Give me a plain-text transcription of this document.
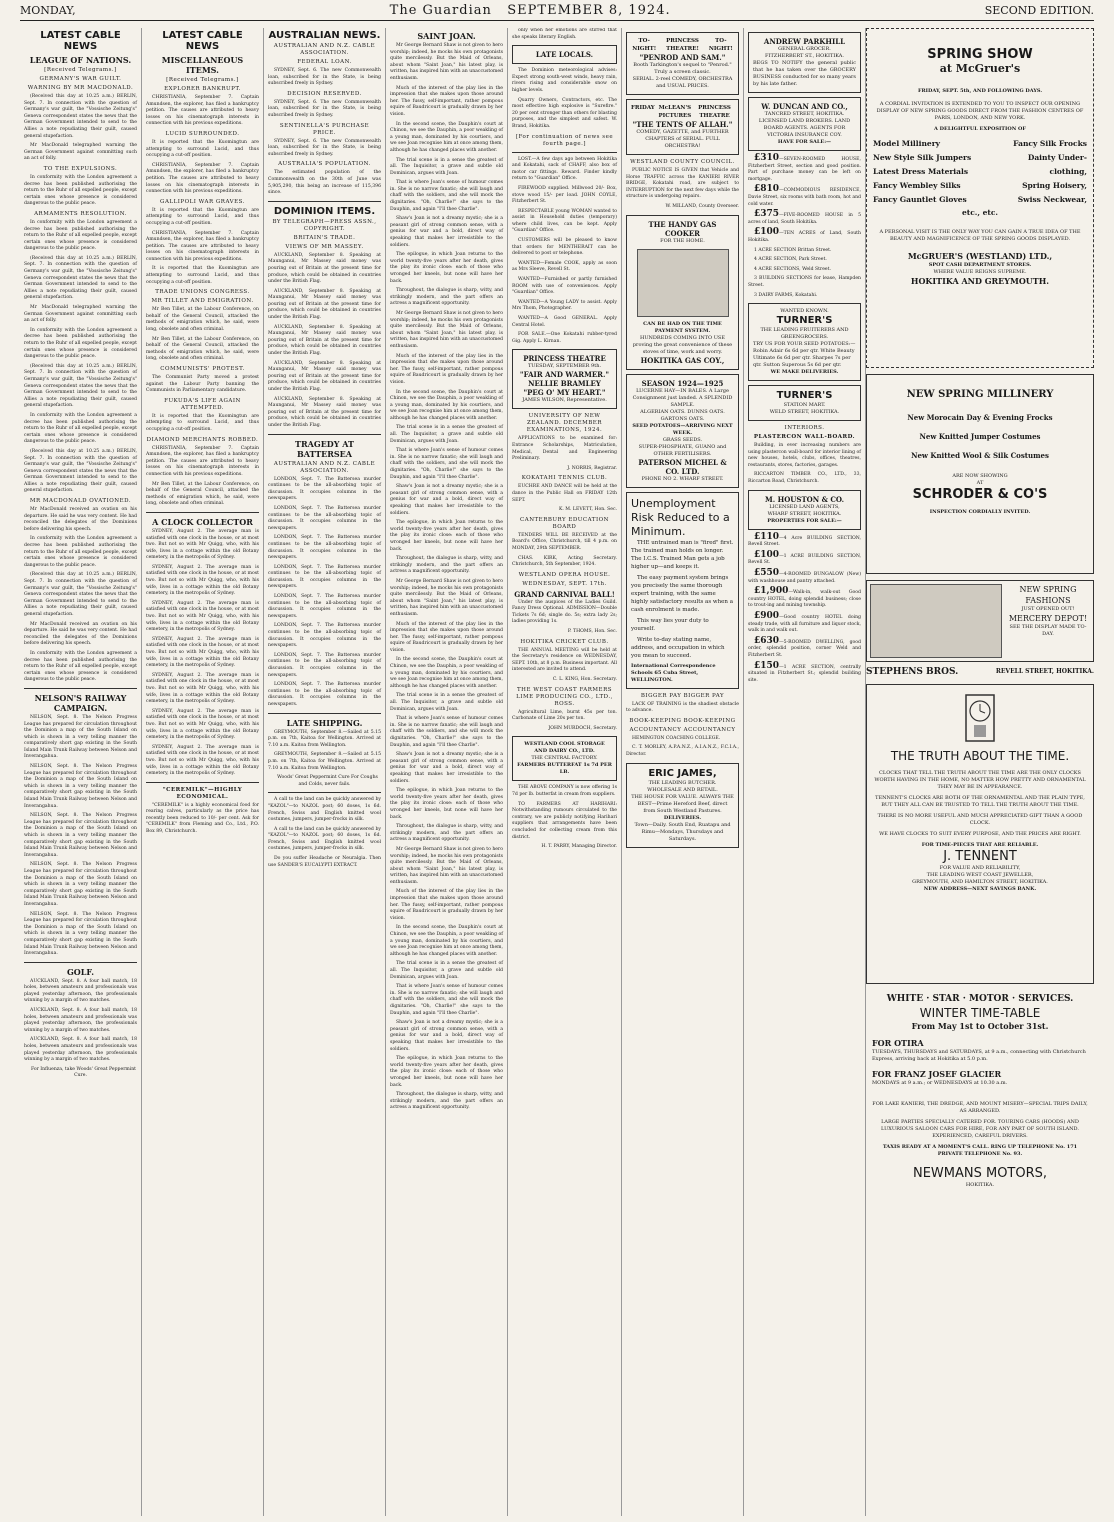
MONDAY,	The Guardian SEPTEMBER 8, 1924.	SECOND EDITION.
LATEST CABLE NEWS
LEAGUE OF NATIONS.
[Received Telegrams.]
GERMANY'S WAR GUILT.
WARNING BY MR MACDONALD.

(Received this day at 10.25 a.m.) BERLIN, Sept. 7. In connection with the question of Germany's war guilt, the "Vossische Zeitung's" Geneva correspondent states the news that the German Government intended to send to the Allies a note repudiating their guilt, caused general stupefaction.

Mr MacDonald telegraphed warning the German Government against committing such an act of folly.

TO THE EXPULSIONS.

In conformity with the London agreement a decree has been published authorising the return to the Ruhr of all expelled people, except certain ones whose presence is considered dangerous to the public peace.

ARMAMENTS RESOLUTION.

In conformity with the London agreement a decree has been published authorising the return to the Ruhr of all expelled people, except certain ones whose presence is considered dangerous to the public peace.

(Received this day at 10.25 a.m.) BERLIN, Sept. 7. In connection with the question of Germany's war guilt, the "Vossische Zeitung's" Geneva correspondent states the news that the German Government intended to send to the Allies a note repudiating their guilt, caused general stupefaction.

Mr MacDonald telegraphed warning the German Government against committing such an act of folly.

In conformity with the London agreement a decree has been published authorising the return to the Ruhr of all expelled people, except certain ones whose presence is considered dangerous to the public peace.

(Received this day at 10.25 a.m.) BERLIN, Sept. 7. In connection with the question of Germany's war guilt, the "Vossische Zeitung's" Geneva correspondent states the news that the German Government intended to send to the Allies a note repudiating their guilt, caused general stupefaction.

In conformity with the London agreement a decree has been published authorising the return to the Ruhr of all expelled people, except certain ones whose presence is considered dangerous to the public peace.

(Received this day at 10.25 a.m.) BERLIN, Sept. 7. In connection with the question of Germany's war guilt, the "Vossische Zeitung's" Geneva correspondent states the news that the German Government intended to send to the Allies a note repudiating their guilt, caused general stupefaction.

MR MACDONALD OVATIONED.

Mr MacDonald received an ovation on his departure. He said he was very content. He had reconciled the delegates of the Dominions before delivering his speech.

In conformity with the London agreement a decree has been published authorising the return to the Ruhr of all expelled people, except certain ones whose presence is considered dangerous to the public peace.

(Received this day at 10.25 a.m.) BERLIN, Sept. 7. In connection with the question of Germany's war guilt, the "Vossische Zeitung's" Geneva correspondent states the news that the German Government intended to send to the Allies a note repudiating their guilt, caused general stupefaction.

Mr MacDonald received an ovation on his departure. He said he was very content. He had reconciled the delegates of the Dominions before delivering his speech.

In conformity with the London agreement a decree has been published authorising the return to the Ruhr of all expelled people, except certain ones whose presence is considered dangerous to the public peace.

NELSON'S RAILWAY CAMPAIGN.

NELSON, Sept. 8. The Nelson Progress League has prepared for circulation throughout the Dominion a map of the South Island on which is shown in a very telling manner the comparatively short gap existing in the South Island Main Trunk Railway between Nelson and Inverangahua.

NELSON, Sept. 8. The Nelson Progress League has prepared for circulation throughout the Dominion a map of the South Island on which is shown in a very telling manner the comparatively short gap existing in the South Island Main Trunk Railway between Nelson and Inverangahua.

NELSON, Sept. 8. The Nelson Progress League has prepared for circulation throughout the Dominion a map of the South Island on which is shown in a very telling manner the comparatively short gap existing in the South Island Main Trunk Railway between Nelson and Inverangahua.

NELSON, Sept. 8. The Nelson Progress League has prepared for circulation throughout the Dominion a map of the South Island on which is shown in a very telling manner the comparatively short gap existing in the South Island Main Trunk Railway between Nelson and Inverangahua.

NELSON, Sept. 8. The Nelson Progress League has prepared for circulation throughout the Dominion a map of the South Island on which is shown in a very telling manner the comparatively short gap existing in the South Island Main Trunk Railway between Nelson and Inverangahua.

GOLF.

AUCKLAND, Sept. 8. A four ball match, 18 holes, between amateurs and professionals was played yesterday afternoon, the professionals winning by a margin of two matches.

AUCKLAND, Sept. 8. A four ball match, 18 holes, between amateurs and professionals was played yesterday afternoon, the professionals winning by a margin of two matches.

AUCKLAND, Sept. 8. A four ball match, 18 holes, between amateurs and professionals was played yesterday afternoon, the professionals winning by a margin of two matches.

For Influenza, take Woods' Great Peppermint Cure.

LATEST CABLE NEWS
MISCELLANEOUS ITEMS.
[Received Telegrams.]
EXPLORER BANKRUPT.

CHRISTIANIA, September 7. Captain Amundsen, the explorer, has filed a bankruptcy petition. The causes are attributed to heavy losses on his cinematograph interests in connection with his previous expeditions.

LUCID SURROUNDED.

It is reported that the Kuomingtun are attempting to surround Lucid, and thus occupying a cut-off position.

CHRISTIANIA, September 7. Captain Amundsen, the explorer, has filed a bankruptcy petition. The causes are attributed to heavy losses on his cinematograph interests in connection with his previous expeditions.

GALLIPOLI WAR GRAVES.

It is reported that the Kuomingtun are attempting to surround Lucid, and thus occupying a cut-off position.

CHRISTIANIA, September 7. Captain Amundsen, the explorer, has filed a bankruptcy petition. The causes are attributed to heavy losses on his cinematograph interests in connection with his previous expeditions.

It is reported that the Kuomingtun are attempting to surround Lucid, and thus occupying a cut-off position.

TRADE UNIONS CONGRESS.
MR TILLET AND EMIGRATION.

Mr Ben Tillet, at the Labour Conference, on behalf of the General Council, attacked the methods of emigration which, he said, were long, obsolete and often criminal.

Mr Ben Tillet, at the Labour Conference, on behalf of the General Council, attacked the methods of emigration which, he said, were long, obsolete and often criminal.

COMMUNISTS' PROTEST.

The Communist Party moved a protest against the Labour Party banning the Communists in Parliamentary candidature.

FUKUDA'S LIFE AGAIN ATTEMPTED.

It is reported that the Kuomingtun are attempting to surround Lucid, and thus occupying a cut-off position.

DIAMOND MERCHANTS ROBBED.

CHRISTIANIA, September 7. Captain Amundsen, the explorer, has filed a bankruptcy petition. The causes are attributed to heavy losses on his cinematograph interests in connection with his previous expeditions.

Mr Ben Tillet, at the Labour Conference, on behalf of the General Council, attacked the methods of emigration which, he said, were long, obsolete and often criminal.

A CLOCK COLLECTOR

SYDNEY, August 2. The average man is satisfied with one clock in the house, or at most two. But not so with Mr Quigg, who, with his wife, lives in a cottage within the old Botany cemetery, in the metropolis of Sydney.

SYDNEY, August 2. The average man is satisfied with one clock in the house, or at most two. But not so with Mr Quigg, who, with his wife, lives in a cottage within the old Botany cemetery, in the metropolis of Sydney.

SYDNEY, August 2. The average man is satisfied with one clock in the house, or at most two. But not so with Mr Quigg, who, with his wife, lives in a cottage within the old Botany cemetery, in the metropolis of Sydney.

SYDNEY, August 2. The average man is satisfied with one clock in the house, or at most two. But not so with Mr Quigg, who, with his wife, lives in a cottage within the old Botany cemetery, in the metropolis of Sydney.

SYDNEY, August 2. The average man is satisfied with one clock in the house, or at most two. But not so with Mr Quigg, who, with his wife, lives in a cottage within the old Botany cemetery, in the metropolis of Sydney.

SYDNEY, August 2. The average man is satisfied with one clock in the house, or at most two. But not so with Mr Quigg, who, with his wife, lives in a cottage within the old Botany cemetery, in the metropolis of Sydney.

SYDNEY, August 2. The average man is satisfied with one clock in the house, or at most two. But not so with Mr Quigg, who, with his wife, lives in a cottage within the old Botany cemetery, in the metropolis of Sydney.

"CEREMILK"—HIGHLY ECONOMICAL.

"CEREMILK" is a highly economical food for rearing calves, particularly as the price has recently been reduced to 10/- per cent. Ask for "CEREMILK" from Fleming and Co., Ltd., P.O. Box 89, Christchurch.

AUSTRALIAN NEWS.
AUSTRALIAN AND N.Z. CABLE ASSOCIATION.
FEDERAL LOAN.

SYDNEY, Sept. 6. The new Commonwealth loan, subscribed for in the State, is being subscribed freely in Sydney.

DECISION RESERVED.

SYDNEY, Sept. 6. The new Commonwealth loan, subscribed for in the State, is being subscribed freely in Sydney.

SENTINELLA'S PURCHASE PRICE.

SYDNEY, Sept. 6. The new Commonwealth loan, subscribed for in the State, is being subscribed freely in Sydney.

AUSTRALIA'S POPULATION.

The estimated population of the Commonwealth on the 30th of June was 5,905,290, this being an increase of 115,396 since.

DOMINION ITEMS.
BY TELEGRAPH—PRESS ASSN., COPYRIGHT.
BRITAIN'S TRADE.
VIEWS OF MR MASSEY.

AUCKLAND, September 8. Speaking at Maunganui, Mr Massey said money was pouring out of Britain at the present time for produce, which could be obtained in countries under the British Flag.

AUCKLAND, September 8. Speaking at Maunganui, Mr Massey said money was pouring out of Britain at the present time for produce, which could be obtained in countries under the British Flag.

AUCKLAND, September 8. Speaking at Maunganui, Mr Massey said money was pouring out of Britain at the present time for produce, which could be obtained in countries under the British Flag.

AUCKLAND, September 8. Speaking at Maunganui, Mr Massey said money was pouring out of Britain at the present time for produce, which could be obtained in countries under the British Flag.

AUCKLAND, September 8. Speaking at Maunganui, Mr Massey said money was pouring out of Britain at the present time for produce, which could be obtained in countries under the British Flag.

TRAGEDY AT BATTERSEA
AUSTRALIAN AND N.Z. CABLE ASSOCIATION.

LONDON, Sept. 7. The Battersea murder continues to be the all-absorbing topic of discussion. It occupies columns in the newspapers.

LONDON, Sept. 7. The Battersea murder continues to be the all-absorbing topic of discussion. It occupies columns in the newspapers.

LONDON, Sept. 7. The Battersea murder continues to be the all-absorbing topic of discussion. It occupies columns in the newspapers.

LONDON, Sept. 7. The Battersea murder continues to be the all-absorbing topic of discussion. It occupies columns in the newspapers.

LONDON, Sept. 7. The Battersea murder continues to be the all-absorbing topic of discussion. It occupies columns in the newspapers.

LONDON, Sept. 7. The Battersea murder continues to be the all-absorbing topic of discussion. It occupies columns in the newspapers.

LONDON, Sept. 7. The Battersea murder continues to be the all-absorbing topic of discussion. It occupies columns in the newspapers.

LONDON, Sept. 7. The Battersea murder continues to be the all-absorbing topic of discussion. It occupies columns in the newspapers.

LATE SHIPPING.

GREYMOUTH, September 8.—Sailed at 5.15 p.m. on 7th, Kaitoa for Wellington. Arrived at 7.10 a.m. Kaitoa from Wellington.

GREYMOUTH, September 8.—Sailed at 5.15 p.m. on 7th, Kaitoa for Wellington. Arrived at 7.10 a.m. Kaitoa from Wellington.

Woods' Great Peppermint Cure For Coughs and Colds, never fails.

A call to the land can be quickly answered by "KAZOL"—to NAZOL post; 60 doses, 1s 6d. French, Swiss and English knitted wool costumes, jumpers, jumper-frocks in silk.

A call to the land can be quickly answered by "KAZOL"—to NAZOL post; 60 doses, 1s 6d. French, Swiss and English knitted wool costumes, jumpers, jumper-frocks in silk.

Do you suffer Headache or Neuralgia. Then use SANDER'S EUCALYPTI EXTRACT.

SAINT JOAN.

Mr George Bernard Shaw is not given to hero worship; indeed, he mocks his own protagonists quite mercilessly. But the Maid of Orleans, about whom "Saint Joan," his latest play, is written, has inspired him with an unaccustomed enthusiasm.

Much of the interest of the play lies in the impression that she makes upon those around her. The fussy, self-important, rather pompous squire of Baudricourt is gradually drawn by her vision.

In the second scene, the Dauphin's court at Chinon, we see the Dauphin, a poor weakling of a young man, dominated by his courtiers, and we see Joan recognise him at once among them, although he has changed places with another.

The trial scene is in a sense the greatest of all. The Inquisitor, a grave and subtle old Dominican, argues with Joan.

That is where Joan's sense of humour comes in. She is no narrow fanatic; she will laugh and chaff with the soldiers, and she will mock the dignitaries. "Oh, Charlie!" she says to the Dauphin, and again "I'll thee Charlie".

Shaw's Joan is not a dreamy mystic; she is a peasant girl of strong common sense, with a genius for war and a bold, direct way of speaking that makes her irresistible to the soldiers.

The epilogue, in which Joan returns to the world twenty-five years after her death, gives the play its ironic close: each of those who wronged her kneels, but none will have her back.

Throughout, the dialogue is sharp, witty, and strikingly modern, and the part offers an actress a magnificent opportunity.

Mr George Bernard Shaw is not given to hero worship; indeed, he mocks his own protagonists quite mercilessly. But the Maid of Orleans, about whom "Saint Joan," his latest play, is written, has inspired him with an unaccustomed enthusiasm.

Much of the interest of the play lies in the impression that she makes upon those around her. The fussy, self-important, rather pompous squire of Baudricourt is gradually drawn by her vision.

In the second scene, the Dauphin's court at Chinon, we see the Dauphin, a poor weakling of a young man, dominated by his courtiers, and we see Joan recognise him at once among them, although he has changed places with another.

The trial scene is in a sense the greatest of all. The Inquisitor, a grave and subtle old Dominican, argues with Joan.

That is where Joan's sense of humour comes in. She is no narrow fanatic; she will laugh and chaff with the soldiers, and she will mock the dignitaries. "Oh, Charlie!" she says to the Dauphin, and again "I'll thee Charlie".

Shaw's Joan is not a dreamy mystic; she is a peasant girl of strong common sense, with a genius for war and a bold, direct way of speaking that makes her irresistible to the soldiers.

The epilogue, in which Joan returns to the world twenty-five years after her death, gives the play its ironic close: each of those who wronged her kneels, but none will have her back.

Throughout, the dialogue is sharp, witty, and strikingly modern, and the part offers an actress a magnificent opportunity.

Mr George Bernard Shaw is not given to hero worship; indeed, he mocks his own protagonists quite mercilessly. But the Maid of Orleans, about whom "Saint Joan," his latest play, is written, has inspired him with an unaccustomed enthusiasm.

Much of the interest of the play lies in the impression that she makes upon those around her. The fussy, self-important, rather pompous squire of Baudricourt is gradually drawn by her vision.

In the second scene, the Dauphin's court at Chinon, we see the Dauphin, a poor weakling of a young man, dominated by his courtiers, and we see Joan recognise him at once among them, although he has changed places with another.

The trial scene is in a sense the greatest of all. The Inquisitor, a grave and subtle old Dominican, argues with Joan.

That is where Joan's sense of humour comes in. She is no narrow fanatic; she will laugh and chaff with the soldiers, and she will mock the dignitaries. "Oh, Charlie!" she says to the Dauphin, and again "I'll thee Charlie".

Shaw's Joan is not a dreamy mystic; she is a peasant girl of strong common sense, with a genius for war and a bold, direct way of speaking that makes her irresistible to the soldiers.

The epilogue, in which Joan returns to the world twenty-five years after her death, gives the play its ironic close: each of those who wronged her kneels, but none will have her back.

Throughout, the dialogue is sharp, witty, and strikingly modern, and the part offers an actress a magnificent opportunity.

Mr George Bernard Shaw is not given to hero worship; indeed, he mocks his own protagonists quite mercilessly. But the Maid of Orleans, about whom "Saint Joan," his latest play, is written, has inspired him with an unaccustomed enthusiasm.

Much of the interest of the play lies in the impression that she makes upon those around her. The fussy, self-important, rather pompous squire of Baudricourt is gradually drawn by her vision.

In the second scene, the Dauphin's court at Chinon, we see the Dauphin, a poor weakling of a young man, dominated by his courtiers, and we see Joan recognise him at once among them, although he has changed places with another.

The trial scene is in a sense the greatest of all. The Inquisitor, a grave and subtle old Dominican, argues with Joan.

That is where Joan's sense of humour comes in. She is no narrow fanatic; she will laugh and chaff with the soldiers, and she will mock the dignitaries. "Oh, Charlie!" she says to the Dauphin, and again "I'll thee Charlie".

Shaw's Joan is not a dreamy mystic; she is a peasant girl of strong common sense, with a genius for war and a bold, direct way of speaking that makes her irresistible to the soldiers.

The epilogue, in which Joan returns to the world twenty-five years after her death, gives the play its ironic close: each of those who wronged her kneels, but none will have her back.

Throughout, the dialogue is sharp, witty, and strikingly modern, and the part offers an actress a magnificent opportunity.

only when her emotions are stirred that she speaks literary English.

LATE LOCALS.

The Dominion meteorological advises: Expect strong south-west winds, heavy rain, rivers rising and considerable snow on higher levels.

Quarry Owners, Contractors, etc. The most effective high explosive is "Surefire." 20 per cent stronger than others for blasting purposes, and the simplest and safest. W. Brand, Hokitika.

[For continuation of news see fourth page.]

LOST.—A few days ago between Hokitika and Kokatahi, sack of CHAFF, also box of motor car fittings. Reward. Finder kindly return to "Guardian" Office.

FIREWOOD supplied. Millwood 20/- Box, stove wood 15/- per load. JOHN COYLE, Fitzherbert St.

RESPECTABLE young WOMAN wanted to assist in Household duties (temporary) where child lives, can be kept. Apply "Guardian" Office.

CUSTOMERS will be pleased to know that orders for MENTHERAIT can be delivered to post or telephone.

WANTED—Female COOK, apply as soon as Mrs Sleeve, Revell St.

WANTED—Furnished or partly furnished ROOM with use of conveniences. Apply "Guardian" Office.

WANTED—A Young LADY to assist. Apply Mrs Thom, Photographer.

WANTED—A Good GENERAL. Apply Central Hotel.

FOR SALE.—One Kokatahi rubber-tyred Gig. Apply L. Kirnan.

PRINCESS THEATRE
TUESDAY, SEPTEMBER 9th.
"FAIR AND WARMER."
NELLIE BRAMLEY
"PEG O' MY HEART."
JAMES WILSON, Representative.
UNIVERSITY OF NEW ZEALAND. DECEMBER EXAMINATIONS, 1924.

APPLICATIONS to be examined for: Entrance Scholarships, Matriculation, Medical, Dental and Engineering Preliminary.

J. NORRIS, Registrar.

KOKATAHI TENNIS CLUB.

EUCHRE AND DANCE will be held at the dance in the Public Hall on FRIDAY 12th SEPT.

K. M. LEVETT, Hon. Sec.

CANTERBURY EDUCATION BOARD

TENDERS WILL BE RECEIVED at the Board's Office, Christchurch, till 4 p.m. on MONDAY, 29th SEPTEMBER.

CHAS. KIRK, Acting Secretary. Christchurch, 5th September, 1924.

WESTLAND OPERA HOUSE.
WEDNESDAY, SEPT. 17th.
GRAND CARNIVAL BALL!

Under the auspices of the Ladies Guild. Fancy Dress Optional. ADMISSION—Double Tickets 7s 6d; single do. 5s; extra lady 2s; ladies providing 1s.

P. THOMS, Hon. Sec.

HOKITIKA CRICKET CLUB.

THE ANNUAL MEETING will be held at the Secretary's residence on WEDNESDAY, SEPT. 10th, at 8 p.m. Business important. All interested are invited to attend.

C. L. KING, Hon. Secretary.

THE WEST COAST FARMERS LIME PRODUCING CO., LTD., ROSS.

Agricultural Lime, burnt 45s per ton. Carbonate of Lime 20s per ton.

JOHN MURDOCH, Secretary.

WESTLAND COOL STORAGE AND DAIRY CO., LTD.
THE CENTRAL FACTORY.
FARMERS BUTTERFAT 1s 7d PER LB.

THE ABOVE COMPANY is now offering 1s 7d per lb. butterfat in cream from suppliers.

TO FARMERS AT HARIHARI: Notwithstanding rumours circulated to the contrary, we are publicly notifying Harihari suppliers that arrangements have been concluded for collecting cream from this district.

H. T. PARRY, Managing Director.

TO-NIGHT!
PRINCESS THEATRE!
TO-NIGHT!
"PENROD AND SAM."
Booth Tarkington's sequel to "Penrod." Truly a screen classic.
SERIAL. 2-reel COMEDY, ORCHESTRA and USUAL PRICES.
FRIDAY McLEAN'S PICTURES
PRINCESS THEATRE
"THE TENTS OF ALLAH."
COMEDY, GAZETTE, and FURTHER CHAPTERS of SERIAL. FULL ORCHESTRA!
WESTLAND COUNTY COUNCIL.

PUBLIC NOTICE IS GIVEN that Vehicle and Horse TRAFFIC across the KANIERI RIVER BRIDGE, Kokatahi road, are subject to INTERRUPTION for the next few days while the structure is undergoing repairs.

W. MILLAND, County Overseer.

THE HANDY GAS COOKER
FOR THE HOME.
CAN BE HAD ON THE TIME PAYMENT SYSTEM.
HUNDREDS COMING INTO USE proving the great convenience of these stoves of time, work and worry.
HOKITIKA GAS COY.,
SEASON 1924—1925
LUCERNE HAY—IN BALES. A Large Consignment just landed. A SPLENDID SAMPLE.
ALGERIAN OATS. DUNNS OATS. GARTONS OATS.
SEED POTATOES—ARRIVING NEXT WEEK.
GRASS SEEDS.
SUPER-PHOSPHATE, GUANO and OTHER FERTILISERS.
PATERSON MICHEL & CO. LTD.
PHONE NO 2. WHARF STREET.
Unemployment Risk Reduced to a Minimum.

THE untrained man is "fired" first. The trained man holds on longer. The I.C.S. Trained Man gets a job higher up—and keeps it.

The easy payment system brings you precisely the same thorough expert training, with the same highly satisfactory results as when a cash enrolment is made.

This way lies your duty to yourself.

Write to-day stating name, address, and occupation in which you mean to succeed.

International Correspondence Schools 65 Cuba Street, WELLINGTON.
BIGGER PAY BIGGER PAY

LACK OF TRAINING is the shadiest obstacle to advance.

BOOK-KEEPING BOOK-KEEPING
ACCOUNTANCY ACCOUNTANCY

HEMINGTON COACHING COLLEGE.

C. T. MORLEY, A.P.A.N.Z., A.I.A.N.Z., F.C.I.A., Director.

ERIC JAMES,
THE LEADING BUTCHER.
WHOLESALE AND RETAIL.
THE HOUSE FOR VALUE. ALWAYS THE BEST—Prime Hereford Beef, direct from South Westland Pastures.
DELIVERIES.
Town—Daily. South End, Ruatapu and Rimu—Mondays, Thursdays and Saturdays.
ANDREW PARKHILL
GENERAL GROCER.
FITZHERBERT ST., HOKITIKA.
BEGS TO NOTIFY the general public that he has taken over the GROCERY BUSINESS conducted for so many years by his late father.
W. DUNCAN AND CO.,
TANCRED STREET, HOKITIKA.
LICENSED LAND BROKERS. LAND BOARD AGENTS. AGENTS FOR VICTORIA INSURANCE COY.
HAVE FOR SALE:—

£310—SEVEN-ROOMED HOUSE, Fitzherbert Street, section and good position. Part of purchase money can be left on mortgage.

£810—COMMODIOUS RESIDENCE, Davie Street, six rooms with bath room, hot and cold water.

£375—FIVE-ROOMED HOUSE in 5 acres of land, South Hokitika.

£100—TEN ACRES of Land, South Hokitika.

1 ACRE SECTION Brittan Street.

4 ACRE SECTION, Park Street.

4 ACRE SECTIONS, Weld Street.

3 BUILDING SECTIONS for lease, Hampden Street.

3 DAIRY FARMS, Kokatahi.

WANTED KNOWN.
TURNER'S
THE LEADING FRUITERERS AND GREENGROCERS.
TRY US FOR YOUR SEED POTATOES:— Robin Adair 6s 6d per qtr. White Beauty Ultimate 6s 6d per qtr. Sharpes 7s per qtr. Sutton Superous 5s 6d per qtr.
WE MAKE DELIVERIES.
TURNER'S
STATION MART.
WELD STREET, HOKITIKA.
INTERIORS.
PLASTERCON WALL-BOARD.

Building, in ever increasing numbers are using plastercon wall-board for interior lining of new houses, hotels, clubs, offices, theatres, restaurants, stores, factories, garages.

RICCARTON TIMBER CO., LTD., 33, Riccarton Road, Christchurch.

M. HOUSTON & CO.
LICENSED LAND AGENTS,
WHARF STREET, HOKITIKA.
PROPERTIES FOR SALE:—

£110—4 Acre BUILDING SECTION, Revell Street.

£100—1 ACRE BUILDING SECTION, Revell St.

£550—4-ROOMED BUNGALOW (New) with washhouse and pantry attached.

£1,900—Walk-in, walk-out Good country HOTEL, doing splendid business; close to trout-ing and mining township.

£900—Good country HOTEL doing steady trade, with all furniture and liquor stock, walk in and walk out.

£630—5-ROOMED DWELLING, good order, splendid position, corner Weld and Fitzherbert St.

£150—1 ACRE SECTION, centrally situated in Fitzherbert St.; splendid building site.

SPRING SHOW
at McGruer's
FRIDAY, SEPT. 5th, AND FOLLOWING DAYS.
A CORDIAL INVITATION IS EXTENDED TO YOU TO INSPECT OUR OPENING DISPLAY OF NEW SPRING GOODS DIRECT FROM THE FASHION CENTRES OF PARIS, LONDON, AND NEW YORK.
A DELIGHTFUL EXPOSITION OF
Model Millinery	Fancy Silk Frocks
New Style Silk Jumpers	Dainty Under-
Latest Dress Materials	clothing,
Fancy Wembley Silks	Spring Hoisery,
Fancy Gauntlet Gloves	Swiss Neckwear,
etc., etc.
A PERSONAL VISIT IS THE ONLY WAY YOU CAN GAIN A TRUE IDEA OF THE BEAUTY AND MAGNIFICENCE OF THE SPRING GOODS DISPLAYED.
McGRUER'S (WESTLAND) LTD.,
SPOT CASH DEPARTMENT STORES.
WHERE VALUE REIGNS SUPREME.
HOKITIKA AND GREYMOUTH.
NEW SPRING MILLINERY
New Morocain Day & Evening Frocks
New Knitted Jumper Costumes
New Knitted Wool & Silk Costumes
ARE NOW SHOWING
AT
SCHRODER & CO'S
INSPECTION CORDIALLY INVITED.
NEW SPRING FASHIONS
JUST OPENED OUT!
MERCERY DEPOT!
SEE THE DISPLAY MADE TO-DAY.
STEPHENS BROS.	REVELL STREET, HOKITIKA.
THE TRUTH ABOUT THE TIME.
CLOCKS THAT TELL THE TRUTH ABOUT THE TIME ARE THE ONLY CLOCKS WORTH HAVING IN THE HOME, NO MATTER HOW PRETTY AND ORNAMENTAL THEY MAY BE IN APPEARANCE.
TENNENT'S CLOCKS ARE BOTH OF THE ORNAMENTAL AND THE PLAIN TYPE, BUT THEY ALL CAN BE TRUSTED TO TELL THE TRUTH ABOUT THE TIME.
THERE IS NO MORE USEFUL AND MUCH APPRECIATED GIFT THAN A GOOD CLOCK.
WE HAVE CLOCKS TO SUIT EVERY PURPOSE, AND THE PRICES ARE RIGHT.
FOR TIME-PIECES THAT ARE RELIABLE.
J. TENNENT
FOR VALUE AND RELIABILITY,
THE LEADING WEST COAST JEWELLER,
GREYMOUTH, AND HAMILTON STREET, HOKITIKA.
NEW ADDRESS—NEXT SAVINGS BANK.
WHITE · STAR · MOTOR · SERVICES.
WINTER TIME-TABLE
From May 1st to October 31st.
FOR OTIRA
TUESDAYS, THURSDAYS and SATURDAYS, at 9 a.m., connecting with Christchurch Express, arriving back at Hokitika at 5.0 p.m.
FOR FRANZ JOSEF GLACIER
MONDAYS at 9 a.m.; or WEDNESDAYS at 10.30 a.m.
FOR LAKE KANIERI, THE DREDGE, AND MOUNT MISERY—SPECIAL TRIPS DAILY, AS ARRANGED.
LARGE PARTIES SPECIALLY CATERED FOR. TOURING CARS (HOODS) AND LUXURIOUS SALOON CARS FOR HIRE, FOR ANY PART OF SOUTH ISLAND. EXPERIENCED, CAREFUL DRIVERS.
TAXIS READY AT A MOMENT'S CALL. RING UP TELEPHONE No. 171 PRIVATE TELEPHONE No. 93.
NEWMANS MOTORS,
HOKITIKA.
